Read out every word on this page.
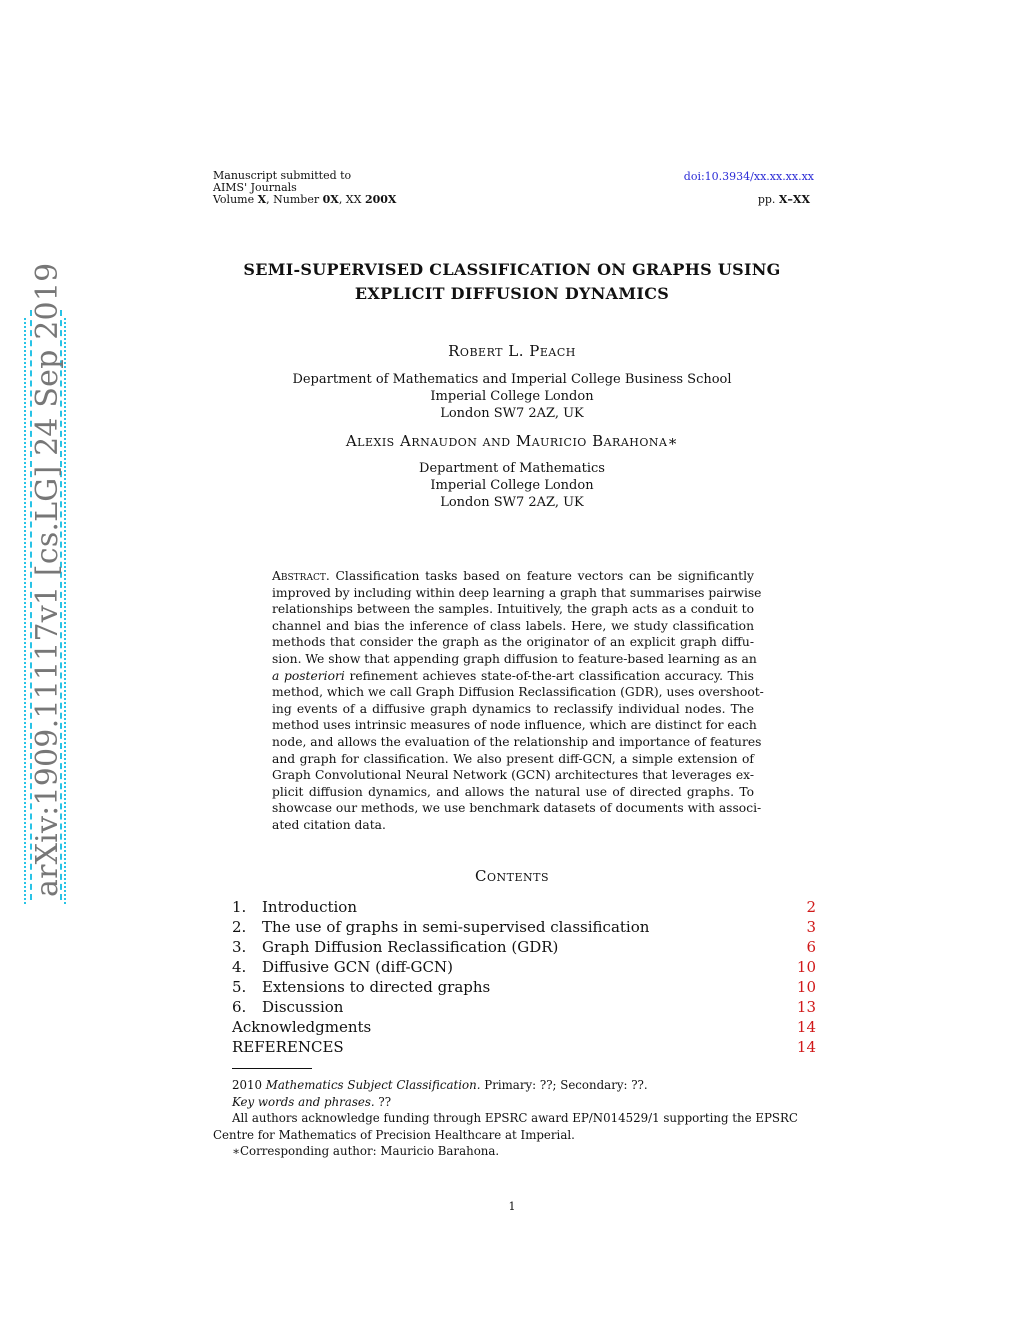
Manuscript submitted to
AIMS' Journals
Volume X, Number 0X, XX 200X
doi:10.3934/xx.xx.xx.xx
pp. X–XX
arXiv:1909.11117v1 [cs.LG] 24 Sep 2019	SEMI-SUPERVISED CLASSIFICATION ON GRAPHS USING
EXPLICIT DIFFUSION DYNAMICS
Robert L. Peach
Department of Mathematics and Imperial College Business School
Imperial College London
London SW7 2AZ, UK
Alexis Arnaudon and Mauricio Barahona∗
Department of Mathematics
Imperial College London
London SW7 2AZ, UK
Abstract. Classification tasks based on feature vectors can be significantly
improved by including within deep learning a graph that summarises pairwise
relationships between the samples. Intuitively, the graph acts as a conduit to
channel and bias the inference of class labels. Here, we study classification
methods that consider the graph as the originator of an explicit graph diffu-
sion. We show that appending graph diffusion to feature-based learning as an
a posteriori refinement achieves state-of-the-art classification accuracy. This
method, which we call Graph Diffusion Reclassification (GDR), uses overshoot-
ing events of a diffusive graph dynamics to reclassify individual nodes. The
method uses intrinsic measures of node influence, which are distinct for each
node, and allows the evaluation of the relationship and importance of features
and graph for classification. We also present diff-GCN, a simple extension of
Graph Convolutional Neural Network (GCN) architectures that leverages ex-
plicit diffusion dynamics, and allows the natural use of directed graphs. To
showcase our methods, we use benchmark datasets of documents with associ-
ated citation data.
Contents
1. Introduction	2
2. The use of graphs in semi-supervised classification	3
3. Graph Diffusion Reclassification (GDR)	6
4. Diffusive GCN (diff-GCN)	10
5. Extensions to directed graphs	10
6. Discussion	13
Acknowledgments	14
REFERENCES	14
2010 Mathematics Subject Classification. Primary: ??; Secondary: ??.
Key words and phrases. ??
All authors acknowledge funding through EPSRC award EP/N014529/1 supporting the EPSRC
Centre for Mathematics of Precision Healthcare at Imperial.
∗Corresponding author: Mauricio Barahona.
1
